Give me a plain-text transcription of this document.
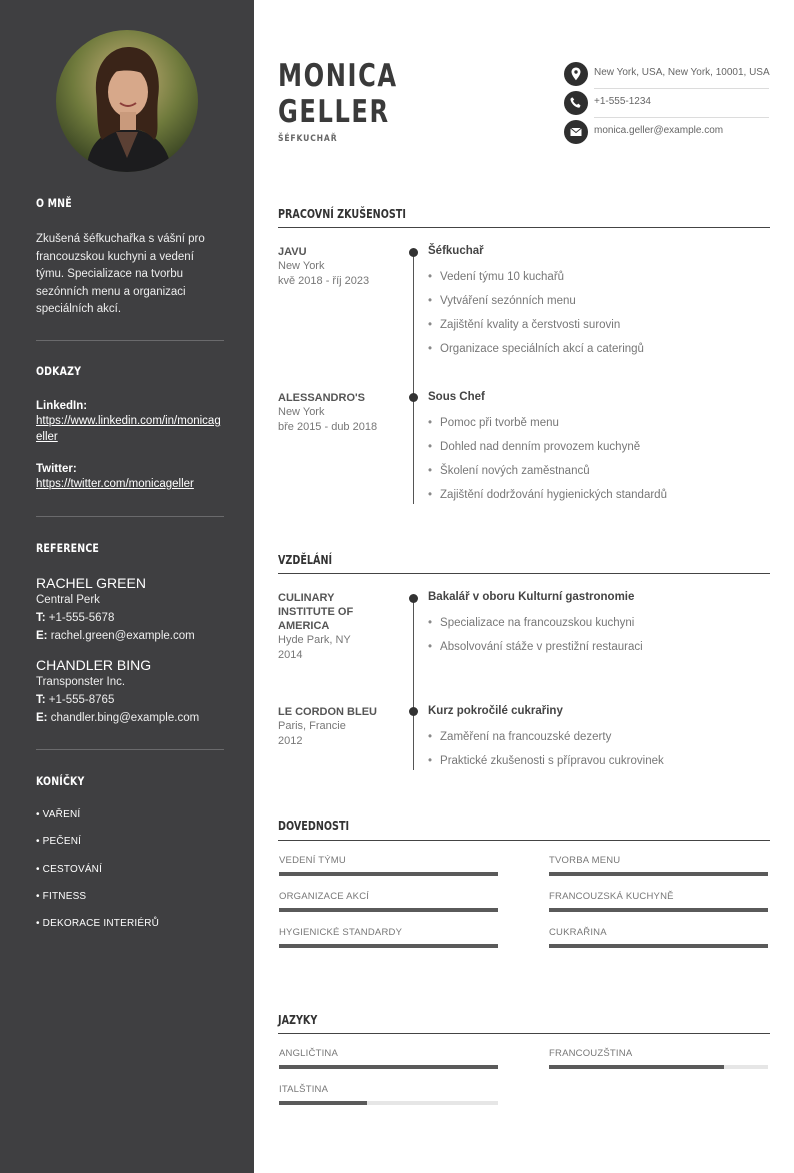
O MNĚ
Zkušená šéfkuchařka s vášní pro francouzskou kuchyni a vedení týmu. Specializace na tvorbu sezónních menu a organizaci speciálních akcí.
ODKAZY
LinkedIn:
https://www.linkedin.com/in/monicageller
Twitter:
https://twitter.com/monicageller
REFERENCE
RACHEL GREEN
Central Perk
T: +1-555-5678
E: rachel.green@example.com
CHANDLER BING
Transponster Inc.
T: +1-555-8765
E: chandler.bing@example.com
KONÍČKY
• VAŘENÍ
• PEČENÍ
• CESTOVÁNÍ
• FITNESS
• DEKORACE INTERIÉRŮ
MONICA
GELLER
ŠÉFKUCHAŘ
New York, USA, New York, 10001, USA
+1-555-1234
monica.geller@example.com
PRACOVNÍ ZKUŠENOSTI
JAVU
New York
kvě 2018 - říj 2023
Šéfkuchař
• Vedení týmu 10 kuchařů
• Vytváření sezónních menu
• Zajištění kvality a čerstvosti surovin
• Organizace speciálních akcí a cateringů
ALESSANDRO'S
New York
bře 2015 - dub 2018
Sous Chef
• Pomoc při tvorbě menu
• Dohled nad denním provozem kuchyně
• Školení nových zaměstnanců
• Zajištění dodržování hygienických standardů
VZDĚLÁNÍ
CULINARY INSTITUTE OF AMERICA
Hyde Park, NY
2014
Bakalář v oboru Kulturní gastronomie
• Specializace na francouzskou kuchyni
• Absolvování stáže v prestižní restauraci
LE CORDON BLEU
Paris, Francie
2012
Kurz pokročilé cukrařiny
• Zaměření na francouzské dezerty
• Praktické zkušenosti s přípravou cukrovinek
DOVEDNOSTI
VEDENÍ TÝMU	TVORBA MENU
ORGANIZACE AKCÍ	FRANCOUZSKÁ KUCHYNĚ
HYGIENICKÉ STANDARDY	CUKRAŘINA
JAZYKY
ANGLIČTINA	FRANCOUZŠTINA
ITALŠTINA
